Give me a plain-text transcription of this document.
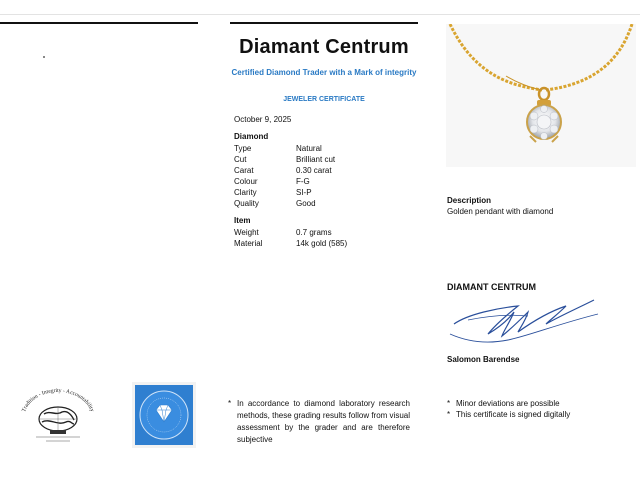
Diamant Centrum
Certified Diamond Trader with a Mark of integrity
JEWELER CERTIFICATE
October 9, 2025
Diamond
Type	Natural
Cut	Brilliant cut
Carat	0.30 carat
Colour	F-G
Clarity	SI-P
Quality	Good
Item
Weight	0.7 grams
Material	14k gold (585)
* In accordance to diamond laboratory research methods, these grading results follow from visual assessment by the grader and are therefore subjective
Description
Golden pendant with diamond
DIAMANT CENTRUM
Salomon Barendse
* Minor deviations are possible
* This certificate is signed digitally
Tradition - Integrity - Accountability
